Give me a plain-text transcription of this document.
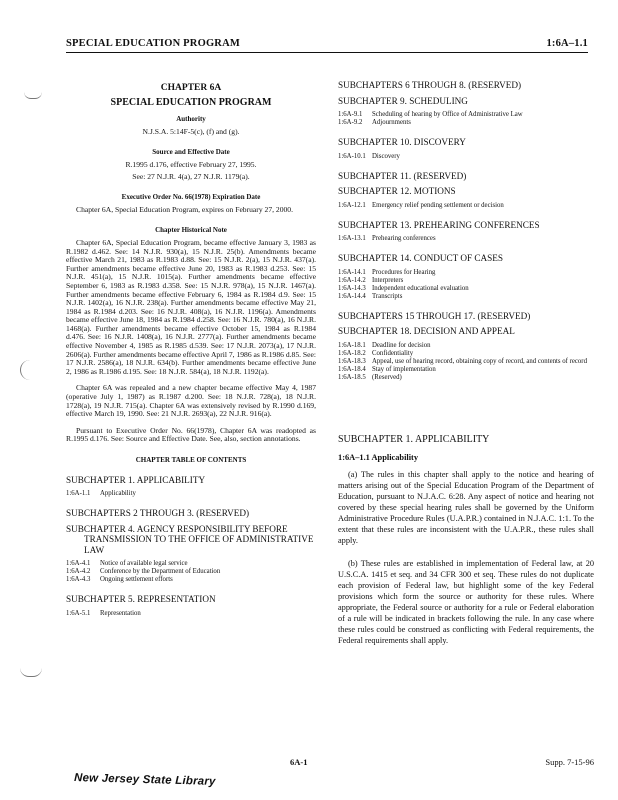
SPECIAL EDUCATION PROGRAM	1:6A–1.1
CHAPTER 6A
SPECIAL EDUCATION PROGRAM
Authority
N.J.S.A. 5:14F-5(c), (f) and (g).
Source and Effective Date
R.1995 d.176, effective February 27, 1995.
See: 27 N.J.R. 4(a), 27 N.J.R. 1179(a).
Executive Order No. 66(1978) Expiration Date

Chapter 6A, Special Education Program, expires on February 27, 2000.

Chapter Historical Note

Chapter 6A, Special Education Program, became effective January 3, 1983 as R.1982 d.462. See: 14 N.J.R. 930(a), 15 N.J.R. 25(b). Amendments became effective March 21, 1983 as R.1983 d.88. See: 15 N.J.R. 2(a), 15 N.J.R. 437(a). Further amendments became effective June 20, 1983 as R.1983 d.253. See: 15 N.J.R. 451(a), 15 N.J.R. 1015(a). Further amendments became effective September 6, 1983 as R.1983 d.358. See: 15 N.J.R. 978(a), 15 N.J.R. 1467(a). Further amendments became effective February 6, 1984 as R.1984 d.9. See: 15 N.J.R. 1402(a), 16 N.J.R. 238(a). Further amendments became effective May 21, 1984 as R.1984 d.203. See: 16 N.J.R. 408(a), 16 N.J.R. 1196(a). Amendments became effective June 18, 1984 as R.1984 d.258. See: 16 N.J.R. 780(a), 16 N.J.R. 1468(a). Further amendments became effective October 15, 1984 as R.1984 d.476. See: 16 N.J.R. 1408(a), 16 N.J.R. 2777(a). Further amendments became effective November 4, 1985 as R.1985 d.539. See: 17 N.J.R. 2073(a), 17 N.J.R. 2606(a). Further amendments became effective April 7, 1986 as R.1986 d.85. See: 17 N.J.R. 2586(a), 18 N.J.R. 634(b). Further amendments became effective June 2, 1986 as R.1986 d.195. See: 18 N.J.R. 584(a), 18 N.J.R. 1192(a).

Chapter 6A was repealed and a new chapter became effective May 4, 1987 (operative July 1, 1987) as R.1987 d.200. See: 18 N.J.R. 728(a), 18 N.J.R. 1728(a), 19 N.J.R. 715(a). Chapter 6A was extensively revised by R.1990 d.169, effective March 19, 1990. See: 21 N.J.R. 2693(a), 22 N.J.R. 916(a).

Pursuant to Executive Order No. 66(1978), Chapter 6A was readopted as R.1995 d.176. See: Source and Effective Date. See, also, section annotations.

CHAPTER TABLE OF CONTENTS
SUBCHAPTER 1. APPLICABILITY
1:6A-1.1	Applicability
SUBCHAPTERS 2 THROUGH 3. (RESERVED)
SUBCHAPTER 4. AGENCY RESPONSIBILITY BEFORE TRANSMISSION TO THE OFFICE OF ADMINISTRATIVE LAW
1:6A-4.1	Notice of available legal service
1:6A-4.2	Conference by the Department of Education
1:6A-4.3	Ongoing settlement efforts
SUBCHAPTER 5. REPRESENTATION
1:6A-5.1	Representation
SUBCHAPTERS 6 THROUGH 8. (RESERVED)
SUBCHAPTER 9. SCHEDULING
1:6A-9.1	Scheduling of hearing by Office of Administrative Law
1:6A-9.2	Adjournments
SUBCHAPTER 10. DISCOVERY
1:6A-10.1 Discovery
SUBCHAPTER 11. (RESERVED)
SUBCHAPTER 12. MOTIONS
1:6A-12.1 Emergency relief pending settlement or decision
SUBCHAPTER 13. PREHEARING CONFERENCES
1:6A-13.1 Prehearing conferences
SUBCHAPTER 14. CONDUCT OF CASES
1:6A-14.1 Procedures for Hearing
1:6A-14.2 Interpreters
1:6A-14.3 Independent educational evaluation
1:6A-14.4 Transcripts
SUBCHAPTERS 15 THROUGH 17. (RESERVED)
SUBCHAPTER 18. DECISION AND APPEAL
1:6A-18.1 Deadline for decision
1:6A-18.2 Confidentiality
1:6A-18.3 Appeal, use of hearing record, obtaining copy of record, and contents of record
1:6A-18.4 Stay of implementation
1:6A-18.5 (Reserved)
SUBCHAPTER 1. APPLICABILITY
1:6A–1.1 Applicability

(a) The rules in this chapter shall apply to the notice and hearing of matters arising out of the Special Education Program of the Department of Education, pursuant to N.J.A.C. 6:28. Any aspect of notice and hearing not covered by these special hearing rules shall be governed by the Uniform Administrative Procedure Rules (U.A.P.R.) contained in N.J.A.C. 1:1. To the extent that these rules are inconsistent with the U.A.P.R., these rules shall apply.

(b) These rules are established in implementation of Federal law, at 20 U.S.C.A. 1415 et seq. and 34 CFR 300 et seq. These rules do not duplicate each provision of Federal law, but highlight some of the key Federal provisions which form the source or authority for these rules. Where appropriate, the Federal source or authority for a rule or Federal elaboration of a rule will be indicated in brackets following the rule. In any case where these rules could be construed as conflicting with Federal requirements, the Federal requirements shall apply.

6A-1	Supp. 7-15-96
New Jersey State Library
